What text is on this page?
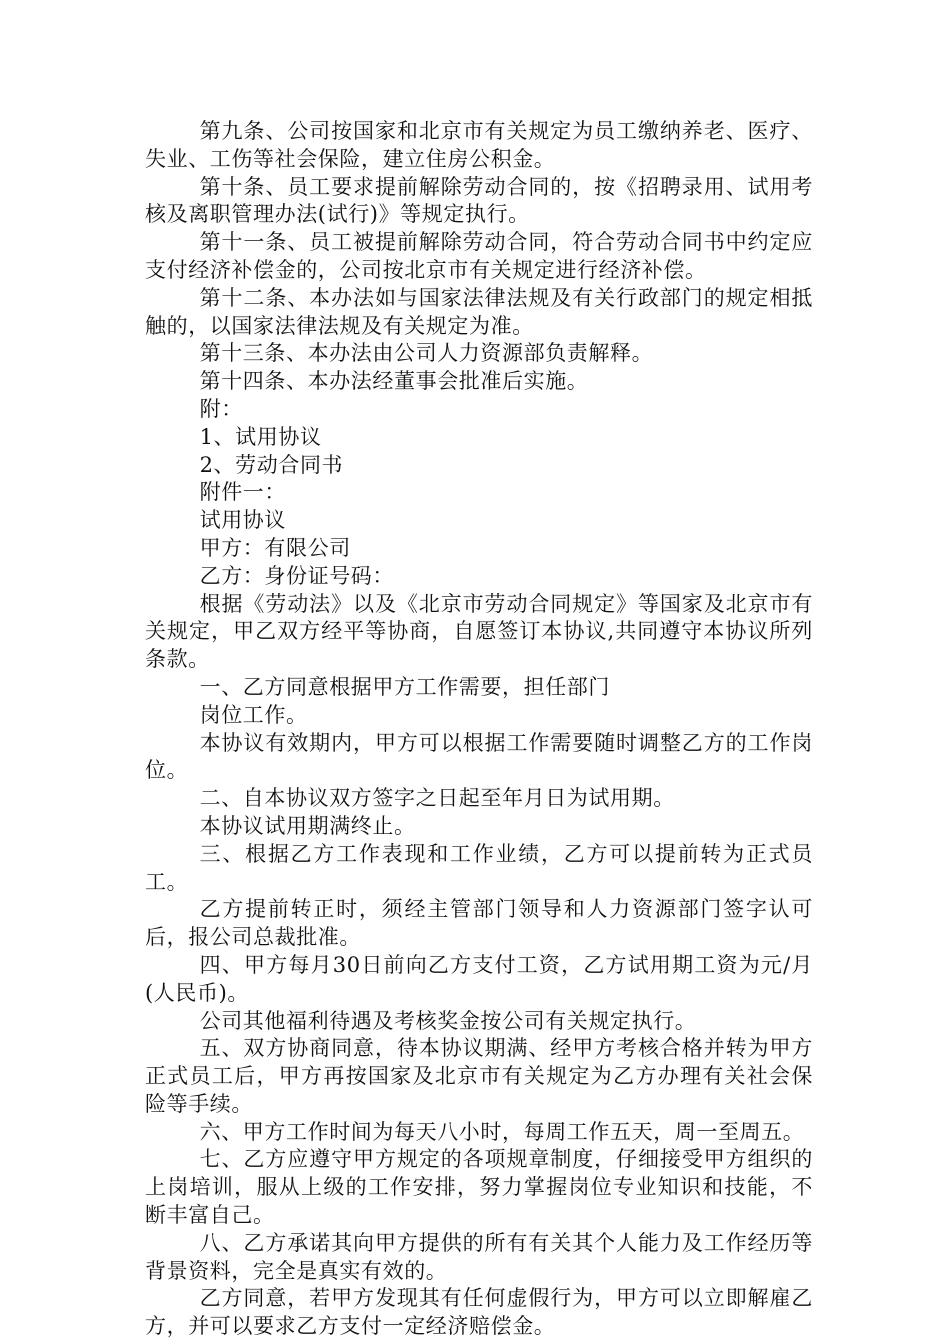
第九条、公司按国家和北京市有关规定为员工缴纳养老、医疗、失业、工伤等社会保险，建立住房公积金。

第十条、员工要求提前解除劳动合同的，按《招聘录用、试用考核及离职管理办法(试行)》等规定执行。

第十一条、员工被提前解除劳动合同，符合劳动合同书中约定应支付经济补偿金的，公司按北京市有关规定进行经济补偿。

第十二条、本办法如与国家法律法规及有关行政部门的规定相抵触的，以国家法律法规及有关规定为准。

第十三条、本办法由公司人力资源部负责解释。

第十四条、本办法经董事会批准后实施。

附：

1、试用协议

2、劳动合同书

附件一：

试用协议

甲方：有限公司

乙方：身份证号码：

根据《劳动法》以及《北京市劳动合同规定》等国家及北京市有关规定，甲乙双方经平等协商，自愿签订本协议,共同遵守本协议所列条款。

一、乙方同意根据甲方工作需要，担任部门

岗位工作。

本协议有效期内，甲方可以根据工作需要随时调整乙方的工作岗位。

二、自本协议双方签字之日起至年月日为试用期。

本协议试用期满终止。

三、根据乙方工作表现和工作业绩，乙方可以提前转为正式员工。

乙方提前转正时，须经主管部门领导和人力资源部门签字认可后，报公司总裁批准。

四、甲方每月30日前向乙方支付工资，乙方试用期工资为元/月(人民币)。

公司其他福利待遇及考核奖金按公司有关规定执行。

五、双方协商同意，待本协议期满、经甲方考核合格并转为甲方正式员工后，甲方再按国家及北京市有关规定为乙方办理有关社会保险等手续。

六、甲方工作时间为每天八小时，每周工作五天，周一至周五。

七、乙方应遵守甲方规定的各项规章制度，仔细接受甲方组织的上岗培训，服从上级的工作安排，努力掌握岗位专业知识和技能，不断丰富自己。

八、乙方承诺其向甲方提供的所有有关其个人能力及工作经历等背景资料，完全是真实有效的。

乙方同意，若甲方发现其有任何虚假行为，甲方可以立即解雇乙方，并可以要求乙方支付一定经济赔偿金。
